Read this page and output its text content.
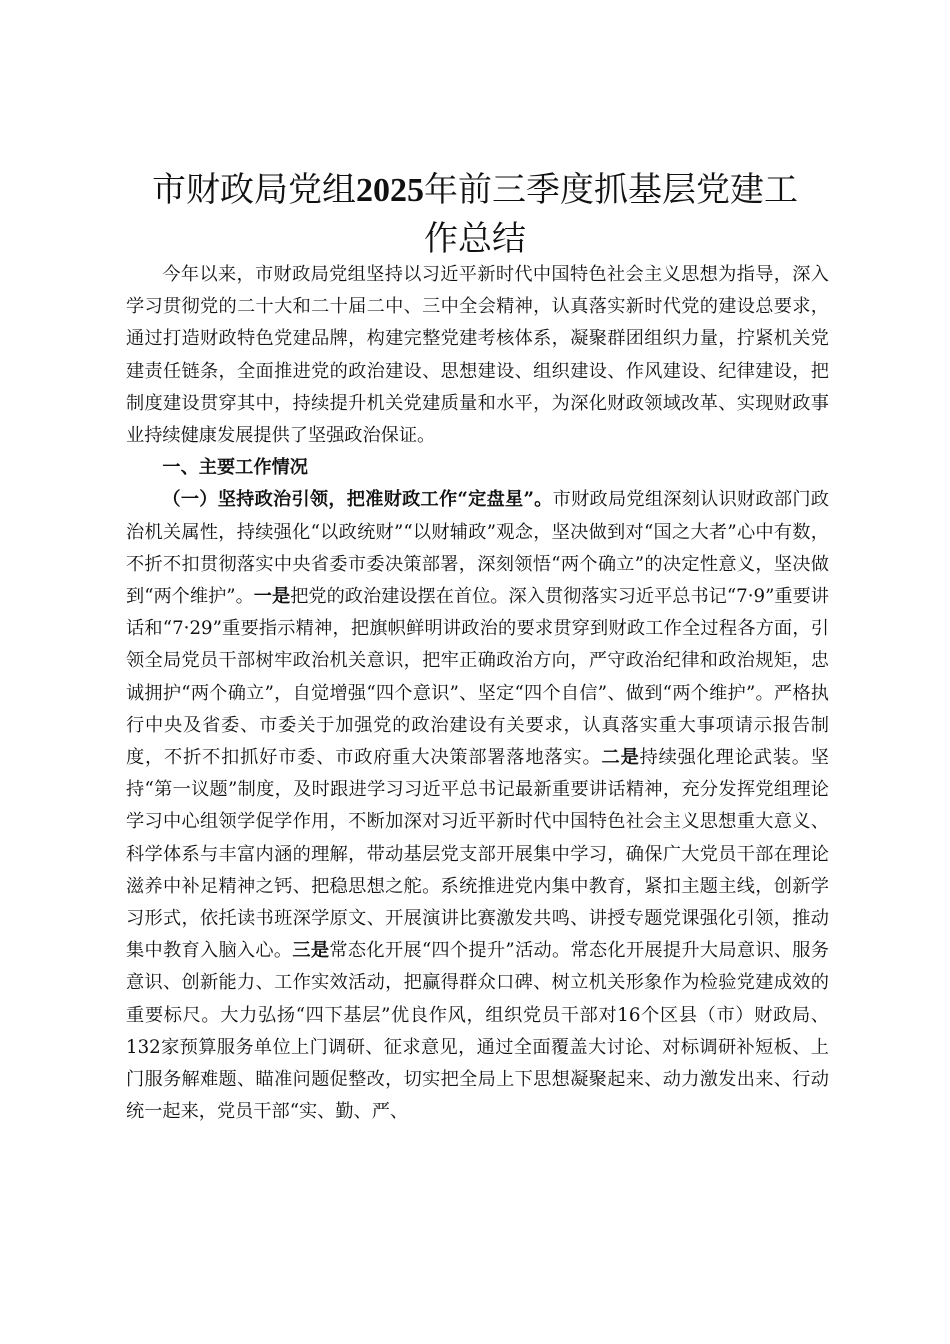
市财政局党组2025年前三季度抓基层党建工
作总结

今年以来，市财政局党组坚持以习近平新时代中国特色社会主义思想为指导，深入学习贯彻党的二十大和二十届二中、三中全会精神，认真落实新时代党的建设总要求，通过打造财政特色党建品牌，构建完整党建考核体系，凝聚群团组织力量，拧紧机关党建责任链条，全面推进党的政治建设、思想建设、组织建设、作风建设、纪律建设，把制度建设贯穿其中，持续提升机关党建质量和水平，为深化财政领域改革、实现财政事业持续健康发展提供了坚强政治保证。

一、主要工作情况

（一）坚持政治引领，把准财政工作“定盘星”。市财政局党组深刻认识财政部门政治机关属性，持续强化“以政统财”“以财辅政”观念，坚决做到对“国之大者”心中有数，不折不扣贯彻落实中央省委市委决策部署，深刻领悟“两个确立”的决定性意义，坚决做到“两个维护”。一是把党的政治建设摆在首位。深入贯彻落实习近平总书记“7·9”重要讲话和“7·29”重要指示精神，把旗帜鲜明讲政治的要求贯穿到财政工作全过程各方面，引领全局党员干部树牢政治机关意识，把牢正确政治方向，严守政治纪律和政治规矩，忠诚拥护“两个确立”，自觉增强“四个意识”、坚定“四个自信”、做到“两个维护”。严格执行中央及省委、市委关于加强党的政治建设有关要求，认真落实重大事项请示报告制度，不折不扣抓好市委、市政府重大决策部署落地落实。二是持续强化理论武装。坚持“第一议题”制度，及时跟进学习习近平总书记最新重要讲话精神，充分发挥党组理论学习中心组领学促学作用，不断加深对习近平新时代中国特色社会主义思想重大意义、科学体系与丰富内涵的理解，带动基层党支部开展集中学习，确保广大党员干部在理论滋养中补足精神之钙、把稳思想之舵。系统推进党内集中教育，紧扣主题主线，创新学习形式，依托读书班深学原文、开展演讲比赛激发共鸣、讲授专题党课强化引领，推动集中教育入脑入心。三是常态化开展“四个提升”活动。常态化开展提升大局意识、服务意识、创新能力、工作实效活动，把赢得群众口碑、树立机关形象作为检验党建成效的重要标尺。大力弘扬“四下基层”优良作风，组织党员干部对16个区县（市）财政局、132家预算服务单位上门调研、征求意见，通过全面覆盖大讨论、对标调研补短板、上门服务解难题、瞄准问题促整改，切实把全局上下思想凝聚起来、动力激发出来、行动统一起来，党员干部“实、勤、严、
